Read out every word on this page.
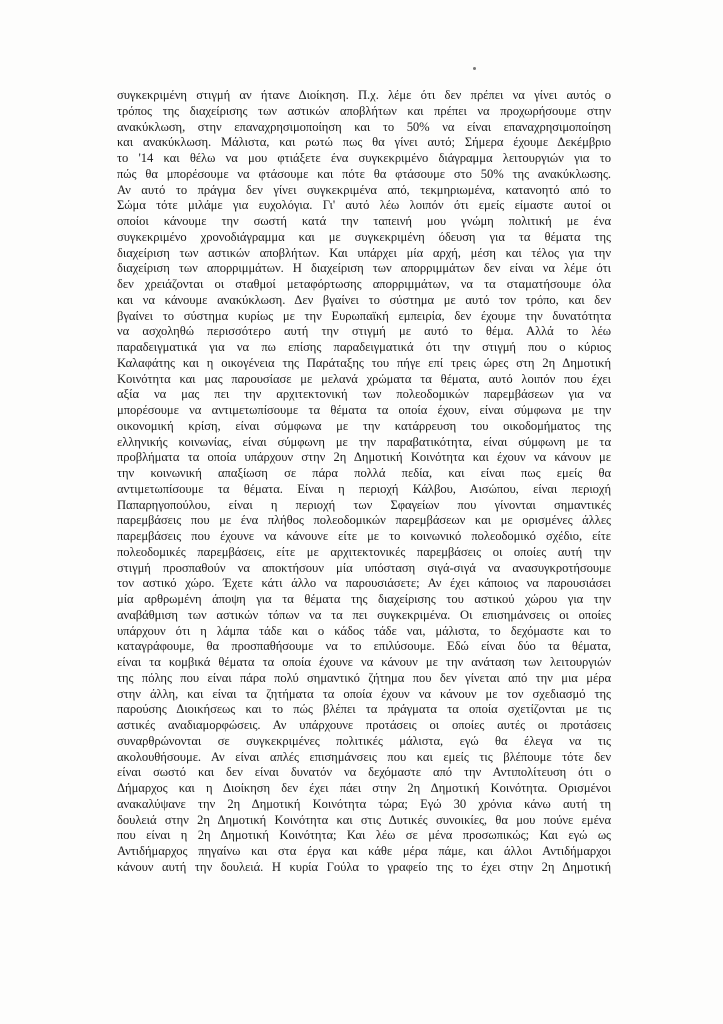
συγκεκριμένη στιγμή αν ήτανε Διοίκηση. Π.χ. λέμε ότι δεν πρέπει να γίνει αυτός ο
τρόπος της διαχείρισης των αστικών αποβλήτων και πρέπει να προχωρήσουμε στην
ανακύκλωση, στην επαναχρησιμοποίηση και το 50% να είναι επαναχρησιμοποίηση
και ανακύκλωση. Μάλιστα, και ρωτώ πως θα γίνει αυτό; Σήμερα έχουμε Δεκέμβριο
το '14 και θέλω να μου φτιάξετε ένα συγκεκριμένο διάγραμμα λειτουργιών για το
πώς θα μπορέσουμε να φτάσουμε και πότε θα φτάσουμε στο 50% της ανακύκλωσης.
Αν αυτό το πράγμα δεν γίνει συγκεκριμένα από, τεκμηριωμένα, κατανοητό από το
Σώμα τότε μιλάμε για ευχολόγια. Γι' αυτό λέω λοιπόν ότι εμείς είμαστε αυτοί οι
οποίοι κάνουμε την σωστή κατά την ταπεινή μου γνώμη πολιτική με ένα
συγκεκριμένο χρονοδιάγραμμα και με συγκεκριμένη όδευση για τα θέματα της
διαχείριση των αστικών αποβλήτων. Και υπάρχει μία αρχή, μέση και τέλος για την
διαχείριση των απορριμμάτων. Η διαχείριση των απορριμμάτων δεν είναι να λέμε ότι
δεν χρειάζονται οι σταθμοί μεταφόρτωσης απορριμμάτων, να τα σταματήσουμε όλα
και να κάνουμε ανακύκλωση. Δεν βγαίνει το σύστημα με αυτό τον τρόπο, και δεν
βγαίνει το σύστημα κυρίως με την Ευρωπαϊκή εμπειρία, δεν έχουμε την δυνατότητα
να ασχοληθώ περισσότερο αυτή την στιγμή με αυτό το θέμα. Αλλά το λέω
παραδειγματικά για να πω επίσης παραδειγματικά ότι την στιγμή που ο κύριος
Καλαφάτης και η οικογένεια της Παράταξης του πήγε επί τρεις ώρες στη 2η Δημοτική
Κοινότητα και μας παρουσίασε με μελανά χρώματα τα θέματα, αυτό λοιπόν που έχει
αξία να μας πει την αρχιτεκτονική των πολεοδομικών παρεμβάσεων για να
μπορέσουμε να αντιμετωπίσουμε τα θέματα τα οποία έχουν, είναι σύμφωνα με την
οικονομική κρίση, είναι σύμφωνα με την κατάρρευση του οικοδομήματος της
ελληνικής κοινωνίας, είναι σύμφωνη με την παραβατικότητα, είναι σύμφωνη με τα
προβλήματα τα οποία υπάρχουν στην 2η Δημοτική Κοινότητα και έχουν να κάνουν με
την κοινωνική απαξίωση σε πάρα πολλά πεδία, και είναι πως εμείς θα
αντιμετωπίσουμε τα θέματα. Είναι η περιοχή Κάλβου, Αισώπου, είναι περιοχή
Παπαρηγοπούλου, είναι η περιοχή των Σφαγείων που γίνονται σημαντικές
παρεμβάσεις που με ένα πλήθος πολεοδομικών παρεμβάσεων και με ορισμένες άλλες
παρεμβάσεις που έχουνε να κάνουνε είτε με το κοινωνικό πολεοδομικό σχέδιο, είτε
πολεοδομικές παρεμβάσεις, είτε με αρχιτεκτονικές παρεμβάσεις οι οποίες αυτή την
στιγμή προσπαθούν να αποκτήσουν μία υπόσταση σιγά-σιγά να ανασυγκροτήσουμε
τον αστικό χώρο. Έχετε κάτι άλλο να παρουσιάσετε; Αν έχει κάποιος να παρουσιάσει
μία αρθρωμένη άποψη για τα θέματα της διαχείρισης του αστικού χώρου για την
αναβάθμιση των αστικών τόπων να τα πει συγκεκριμένα. Οι επισημάνσεις οι οποίες
υπάρχουν ότι η λάμπα τάδε και ο κάδος τάδε ναι, μάλιστα, το δεχόμαστε και το
καταγράφουμε, θα προσπαθήσουμε να το επιλύσουμε. Εδώ είναι δύο τα θέματα,
είναι τα κομβικά θέματα τα οποία έχουνε να κάνουν με την ανάταση των λειτουργιών
της πόλης που είναι πάρα πολύ σημαντικό ζήτημα που δεν γίνεται από την μια μέρα
στην άλλη, και είναι τα ζητήματα τα οποία έχουν να κάνουν με τον σχεδιασμό της
παρούσης Διοικήσεως και το πώς βλέπει τα πράγματα τα οποία σχετίζονται με τις
αστικές αναδιαμορφώσεις. Αν υπάρχουνε προτάσεις οι οποίες αυτές οι προτάσεις
συναρθρώνονται σε συγκεκριμένες πολιτικές μάλιστα, εγώ θα έλεγα να τις
ακολουθήσουμε. Αν είναι απλές επισημάνσεις που και εμείς τις βλέπουμε τότε δεν
είναι σωστό και δεν είναι δυνατόν να δεχόμαστε από την Αντιπολίτευση ότι ο
Δήμαρχος και η Διοίκηση δεν έχει πάει στην 2η Δημοτική Κοινότητα. Ορισμένοι
ανακαλύψανε την 2η Δημοτική Κοινότητα τώρα; Εγώ 30 χρόνια κάνω αυτή τη
δουλειά στην 2η Δημοτική Κοινότητα και στις Δυτικές συνοικίες, θα μου πούνε εμένα
που είναι η 2η Δημοτική Κοινότητα; Και λέω σε μένα προσωπικώς; Και εγώ ως
Αντιδήμαρχος πηγαίνω και στα έργα και κάθε μέρα πάμε, και άλλοι Αντιδήμαρχοι
κάνουν αυτή την δουλειά. Η κυρία Γούλα το γραφείο της το έχει στην 2η Δημοτική
